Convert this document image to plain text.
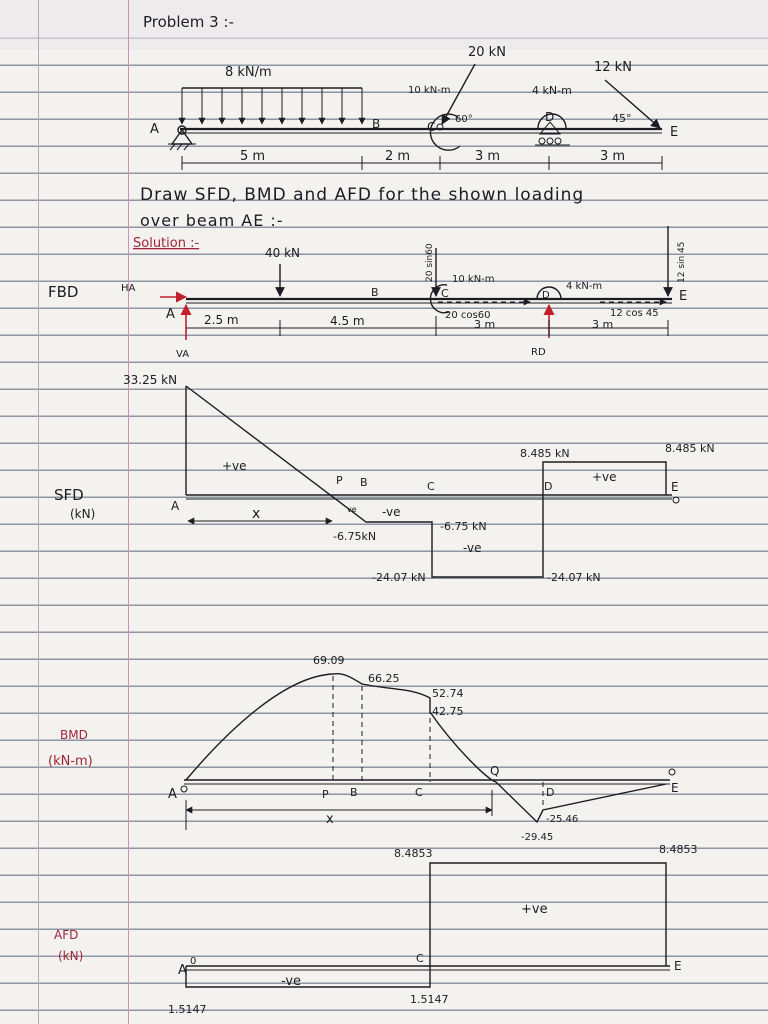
Problem 3 :-
8 kN/m
A	B	C
10 kN-m
20 kN
60°	D
4 kN-m
12 kN
45°
E
5 m	2 m	3 m	3 m
Draw SFD, BMD and AFD for the shown loading
over beam AE :-
Solution :-
FBD	HA
A
VA
40 kN
B
20 sin60
C
10 kN-m
20 cos60
4 kN-m
D
RD
12 sin 45
12 cos 45
E
2.5 m	4.5 m	3 m	3 m
SFD
(kN)
33.25 kN
+ve
A
P B	C	D	E
ve -ve
x
-6.75kN
-6.75 kN
-ve
-24.07 kN	-24.07 kN
8.485 kN	8.485 kN
+ve
BMD
(kN-m)
69.09
66.25
52.74
42.75
Q
A	P B	C	D	E
x	-25.46
-29.45
AFD
(kN)
8.4853	8.4853
+ve
-ve
A
0	C
E
1.5147
1.5147
